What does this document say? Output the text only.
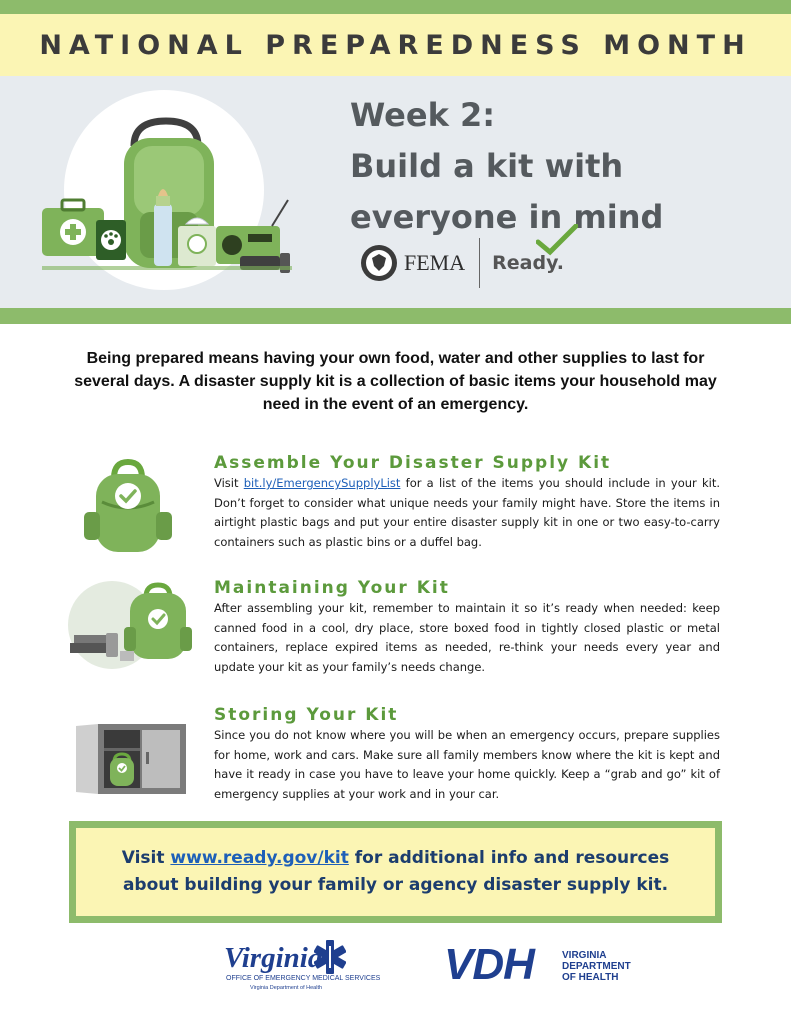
NATIONAL PREPAREDNESS MONTH
Week 2:
Build a kit with
everyone in mind
FEMA Ready.

Being prepared means having your own food, water and other supplies to last for several days. A disaster supply kit is a collection of basic items your household may need in the event of an emergency.

Assemble Your Disaster Supply Kit

Visit bit.ly/EmergencySupplyList for a list of the items you should include in your kit. Don’t forget to consider what unique needs your family might have. Store the items in airtight plastic bags and put your entire disaster supply kit in one or two easy-to-carry containers such as plastic bins or a duffel bag.

Maintaining Your Kit

After assembling your kit, remember to maintain it so it’s ready when needed: keep canned food in a cool, dry place, store boxed food in tightly closed plastic or metal containers, replace expired items as needed, re-think your needs every year and update your kit as your family’s needs change.

Storing Your Kit

Since you do not know where you will be when an emergency occurs, prepare supplies for home, work and cars. Make sure all family members know where the kit is kept and have it ready in case you have to leave your home quickly. Keep a “grab and go” kit of emergency supplies at your work and in your car.

Visit www.ready.gov/kit for additional info and resources
about building your family or agency disaster supply kit.
Virginia
OFFICE OF EMERGENCY MEDICAL SERVICES
Virginia Department of Health	VDH	VIRGINIA
DEPARTMENT
OF HEALTH
